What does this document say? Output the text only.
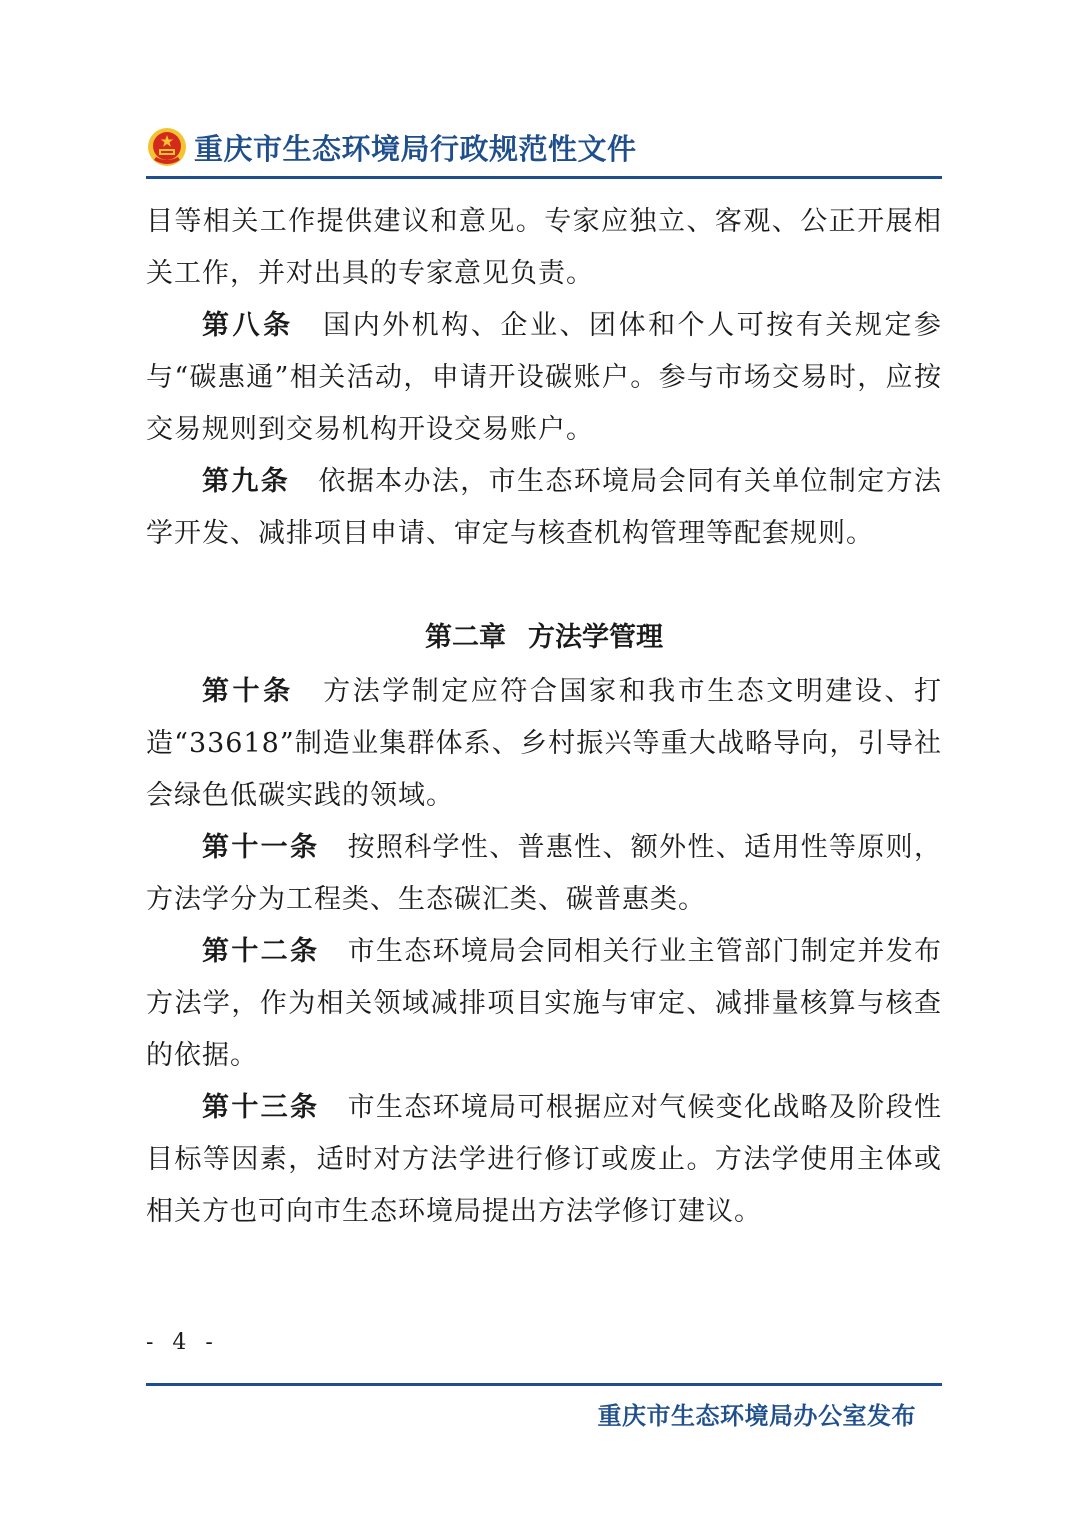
重庆市生态环境局行政规范性文件

目等相关工作提供建议和意见。专家应独立、客观、公正开展相关工作，并对出具的专家意见负责。

第八条 国内外机构、企业、团体和个人可按有关规定参与“碳惠通”相关活动，申请开设碳账户。参与市场交易时，应按交易规则到交易机构开设交易账户。

第九条 依据本办法，市生态环境局会同有关单位制定方法学开发、减排项目申请、审定与核查机构管理等配套规则。

第二章 方法学管理

第十条 方法学制定应符合国家和我市生态文明建设、打造“33618”制造业集群体系、乡村振兴等重大战略导向，引导社会绿色低碳实践的领域。

第十一条 按照科学性、普惠性、额外性、适用性等原则，方法学分为工程类、生态碳汇类、碳普惠类。

第十二条 市生态环境局会同相关行业主管部门制定并发布方法学，作为相关领域减排项目实施与审定、减排量核算与核查的依据。

第十三条 市生态环境局可根据应对气候变化战略及阶段性目标等因素，适时对方法学进行修订或废止。方法学使用主体或相关方也可向市生态环境局提出方法学修订建议。

- 4 -
重庆市生态环境局办公室发布
